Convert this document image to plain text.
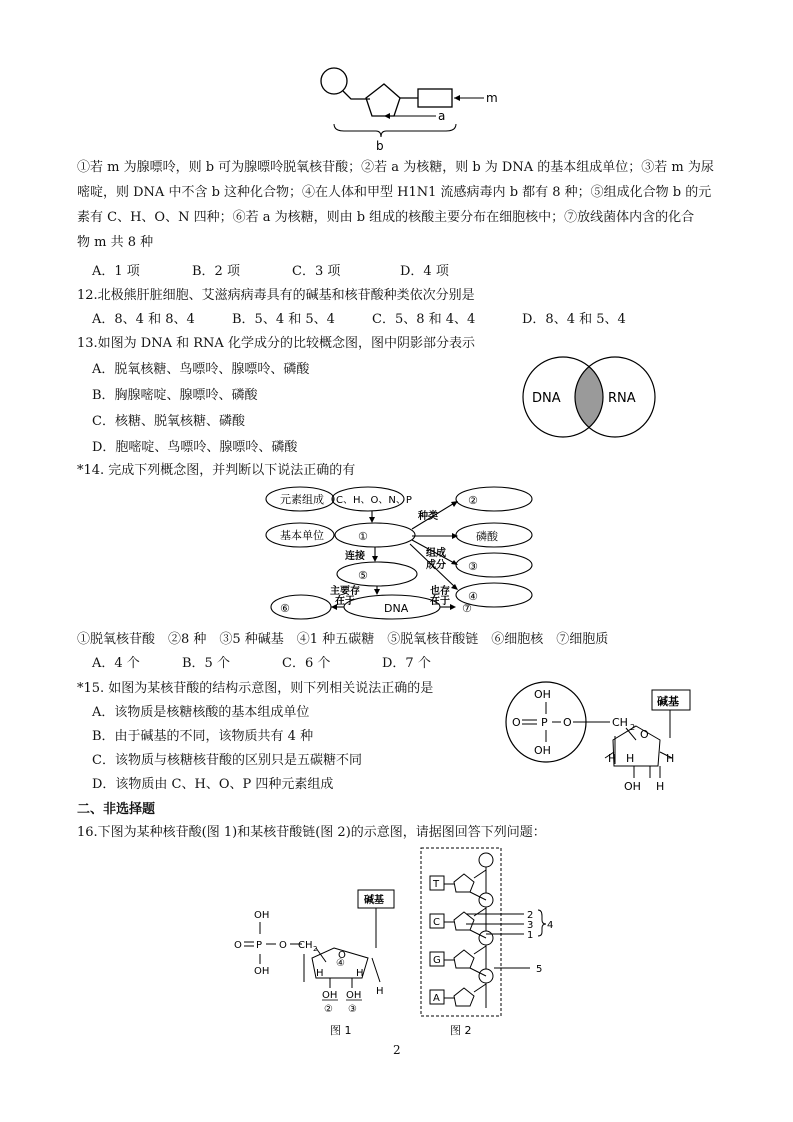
m
a
b
①若 m 为腺嘌呤，则 b 可为腺嘌呤脱氧核苷酸；②若 a 为核糖，则 b 为 DNA 的基本组成单位；③若 m 为尿
嘧啶，则 DNA 中不含 b 这种化合物；④在人体和甲型 H1N1 流感病毒内 b 都有 8 种；⑤组成化合物 b 的元
素有 C、H、O、N 四种；⑥若 a 为核糖，则由 b 组成的核酸主要分布在细胞核中；⑦放线菌体内含的化合
物 m 共 8 种
A．1 项	B．2 项	C．3 项	D．4 项
12.北极熊肝脏细胞、艾滋病病毒具有的碱基和核苷酸种类依次分别是
A．8、4 和 8、4	B．5、4 和 5、4	C．5、8 和 4、4	D．8、4 和 5、4
13.如图为 DNA 和 RNA 化学成分的比较概念图，图中阴影部分表示
A．脱氧核糖、鸟嘌呤、腺嘌呤、磷酸
B．胸腺嘧啶、腺嘌呤、磷酸
C．核糖、脱氧核糖、磷酸
D．胞嘧啶、鸟嘌呤、腺嘌呤、磷酸
DNA	RNA
*14. 完成下列概念图，并判断以下说法正确的有
元素组成 C、H、O、N、P
基本单位	①
②
磷酸
③
④
⑤
DNA
⑥	⑦
种类
连接	组成
成分
主要存
在于
也存
在于
①脱氧核苷酸　②8 种　③5 种碱基　④1 种五碳糖　⑤脱氧核苷酸链　⑥细胞核　⑦细胞质
A．4 个	B．5 个	C．6 个	D．7 个
*15. 如图为某核苷酸的结构示意图，则下列相关说法正确的是
A．该物质是核糖核酸的基本组成单位
B．由于碱基的不同，该物质共有 4 种
C．该物质与核糖核苷酸的区别只是五碳糖不同
D．该物质由 C、H、O、P 四种元素组成
OH
O P O
OH
碱基
CH 2
O
H H	H
OH H
二、非选择题
16.下图为某种核苷酸(图 1)和某核苷酸链(图 2)的示意图，请据图回答下列问题：
碱基
OH
O P O
OH
CH 2
O
④
H	H
H
OH OH
② ③
图 1
T
C
G
A
2
3
1
4
5
图 2
2
